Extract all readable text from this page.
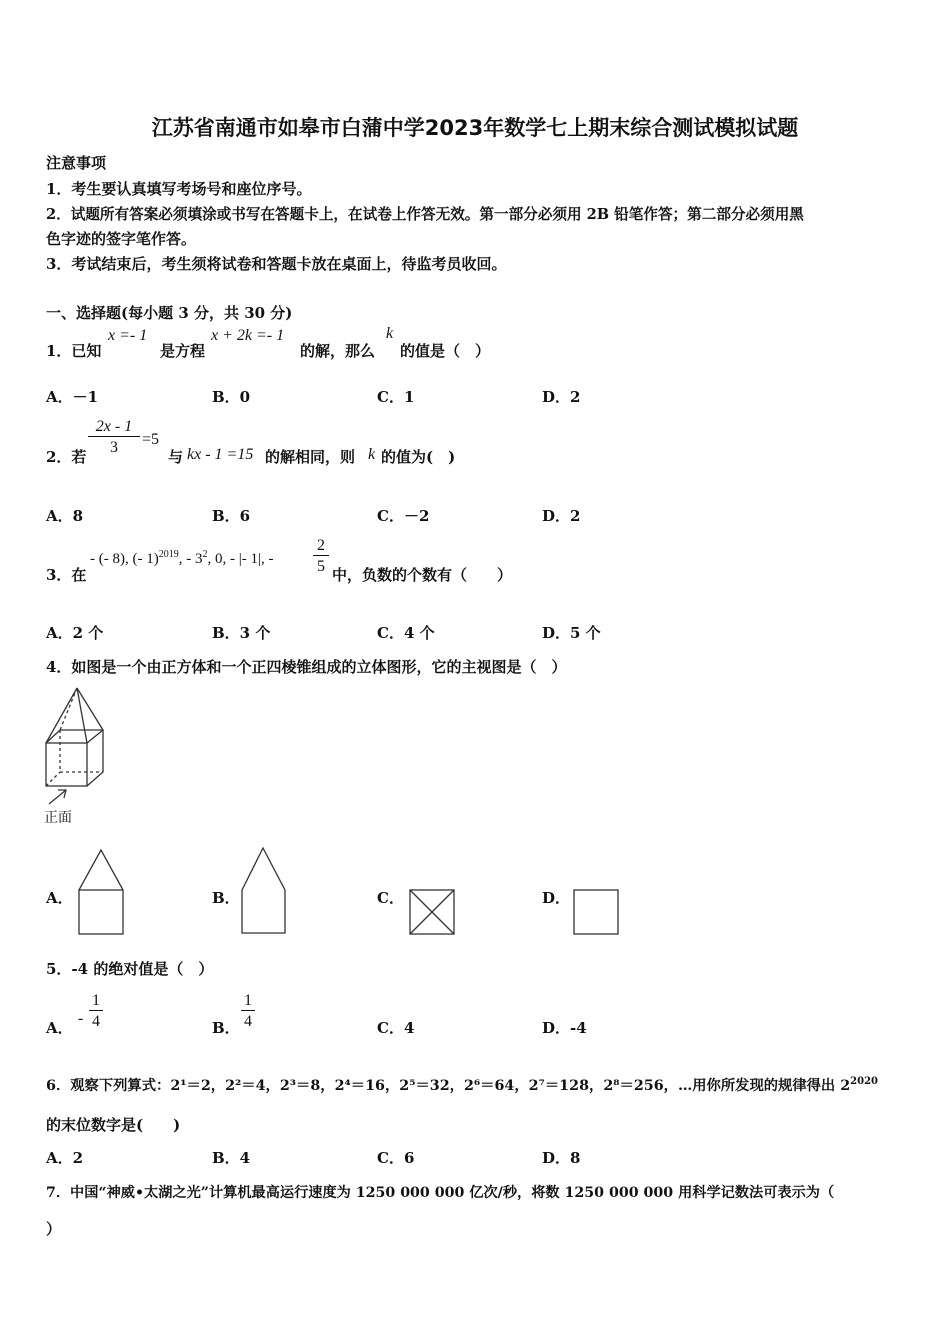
江苏省南通市如皋市白蒲中学2023年数学七上期末综合测试模拟试题
注意事项
1．考生要认真填写考场号和座位序号。
2．试题所有答案必须填涂或书写在答题卡上，在试卷上作答无效。第一部分必须用 2B 铅笔作答；第二部分必须用黑
色字迹的签字笔作答。
3．考试结束后，考生须将试卷和答题卡放在桌面上，待监考员收回。
一、选择题(每小题 3 分，共 30 分)
1．已知
x =- 1
是方程
x + 2k =- 1
的解，那么
k
的值是（　）
A．－1	B．0	C．1	D．2
2．若 $\frac{2x - 1}{3} =5$
与 kx - 1 =15 的解相同，则 k 的值为(　)
A．8	B．6	C．－2	D．2
3．在
- (- 8), (- 1)$^{2019}$, - $3^2$, 0, - |- 1|, - $\frac{2}{5}$ 中，负数的个数有（　　）
A．2 个	B．3 个	C．4 个	D．5 个
4．如图是一个由正方体和一个正四棱锥组成的立体图形，它的主视图是（　）
正面
A．	B．	C．	D．
5．-4 的绝对值是（　）
A．
- $\frac{1}{4}$	B． $\frac{1}{4}$	C．4	D．-4
6．观察下列算式：2¹＝2，2²＝4，2³＝8，2⁴＝16，2⁵＝32，2⁶＝64，2⁷＝128，2⁸＝256，…用你所发现的规律得出 $2^{2020}$
的末位数字是(　　)
A．2	B．4	C．6	D．8
7．中国“神威•太湖之光”计算机最高运行速度为 1250 000 000 亿次/秒，将数 1250 000 000 用科学记数法可表示为（
）
